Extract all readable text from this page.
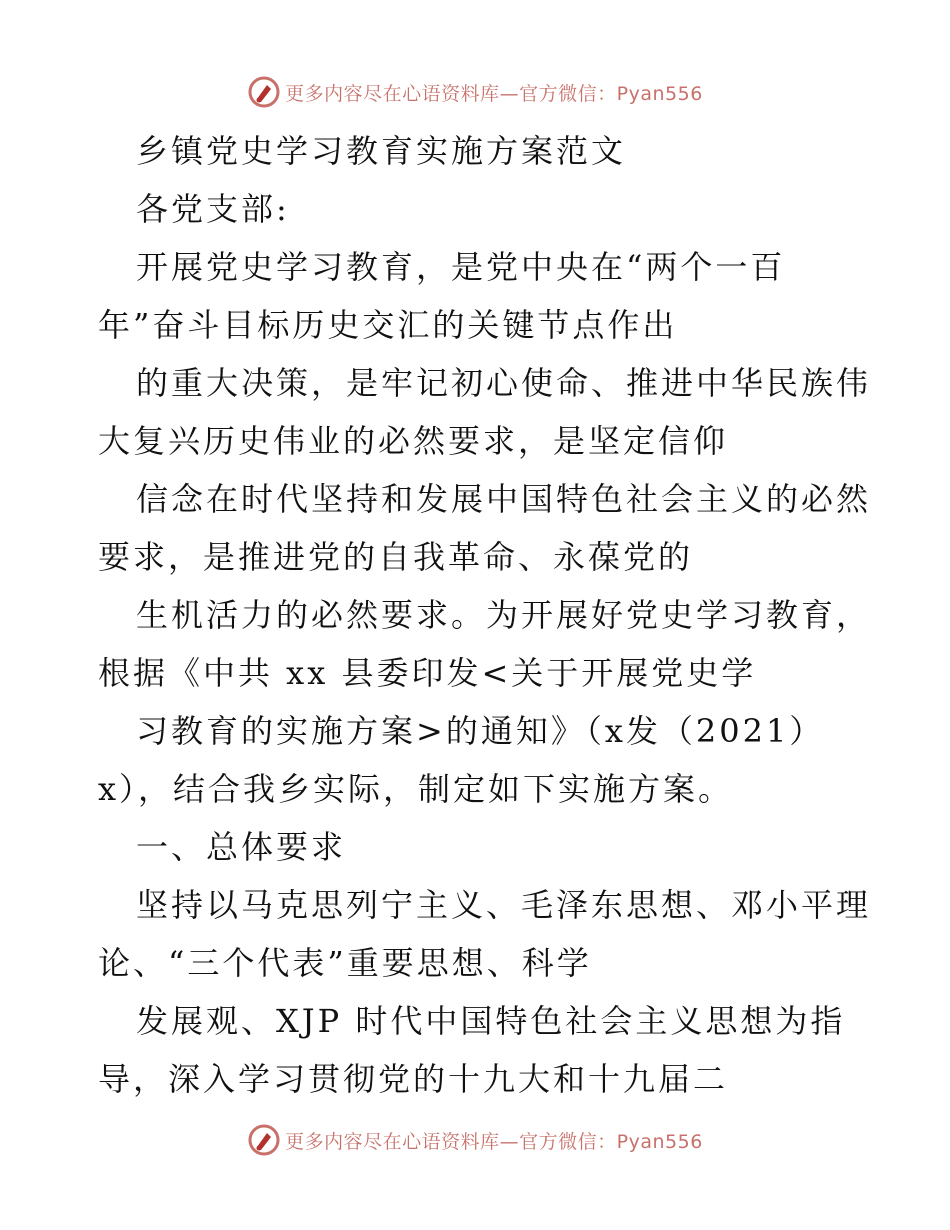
更多内容尽在心语资料库—官方微信：Pyan556
乡镇党史学习教育实施方案范文
各党支部:
开展党史学习教育，是党中央在“两个一百
年”奋斗目标历史交汇的关键节点作出
的重大决策，是牢记初心使命、推进中华民族伟
大复兴历史伟业的必然要求，是坚定信仰
信念在时代坚持和发展中国特色社会主义的必然
要求，是推进党的自我革命、永葆党的
生机活力的必然要求。为开展好党史学习教育，
根据《中共 xx 县委印发<关于开展党史学
习教育的实施方案>的通知》（x发（2021）
x），结合我乡实际，制定如下实施方案。
一、总体要求
坚持以马克思列宁主义、毛泽东思想、邓小平理
论、“三个代表”重要思想、科学
发展观、XJP 时代中国特色社会主义思想为指
导，深入学习贯彻党的十九大和十九届二
更多内容尽在心语资料库—官方微信：Pyan556
